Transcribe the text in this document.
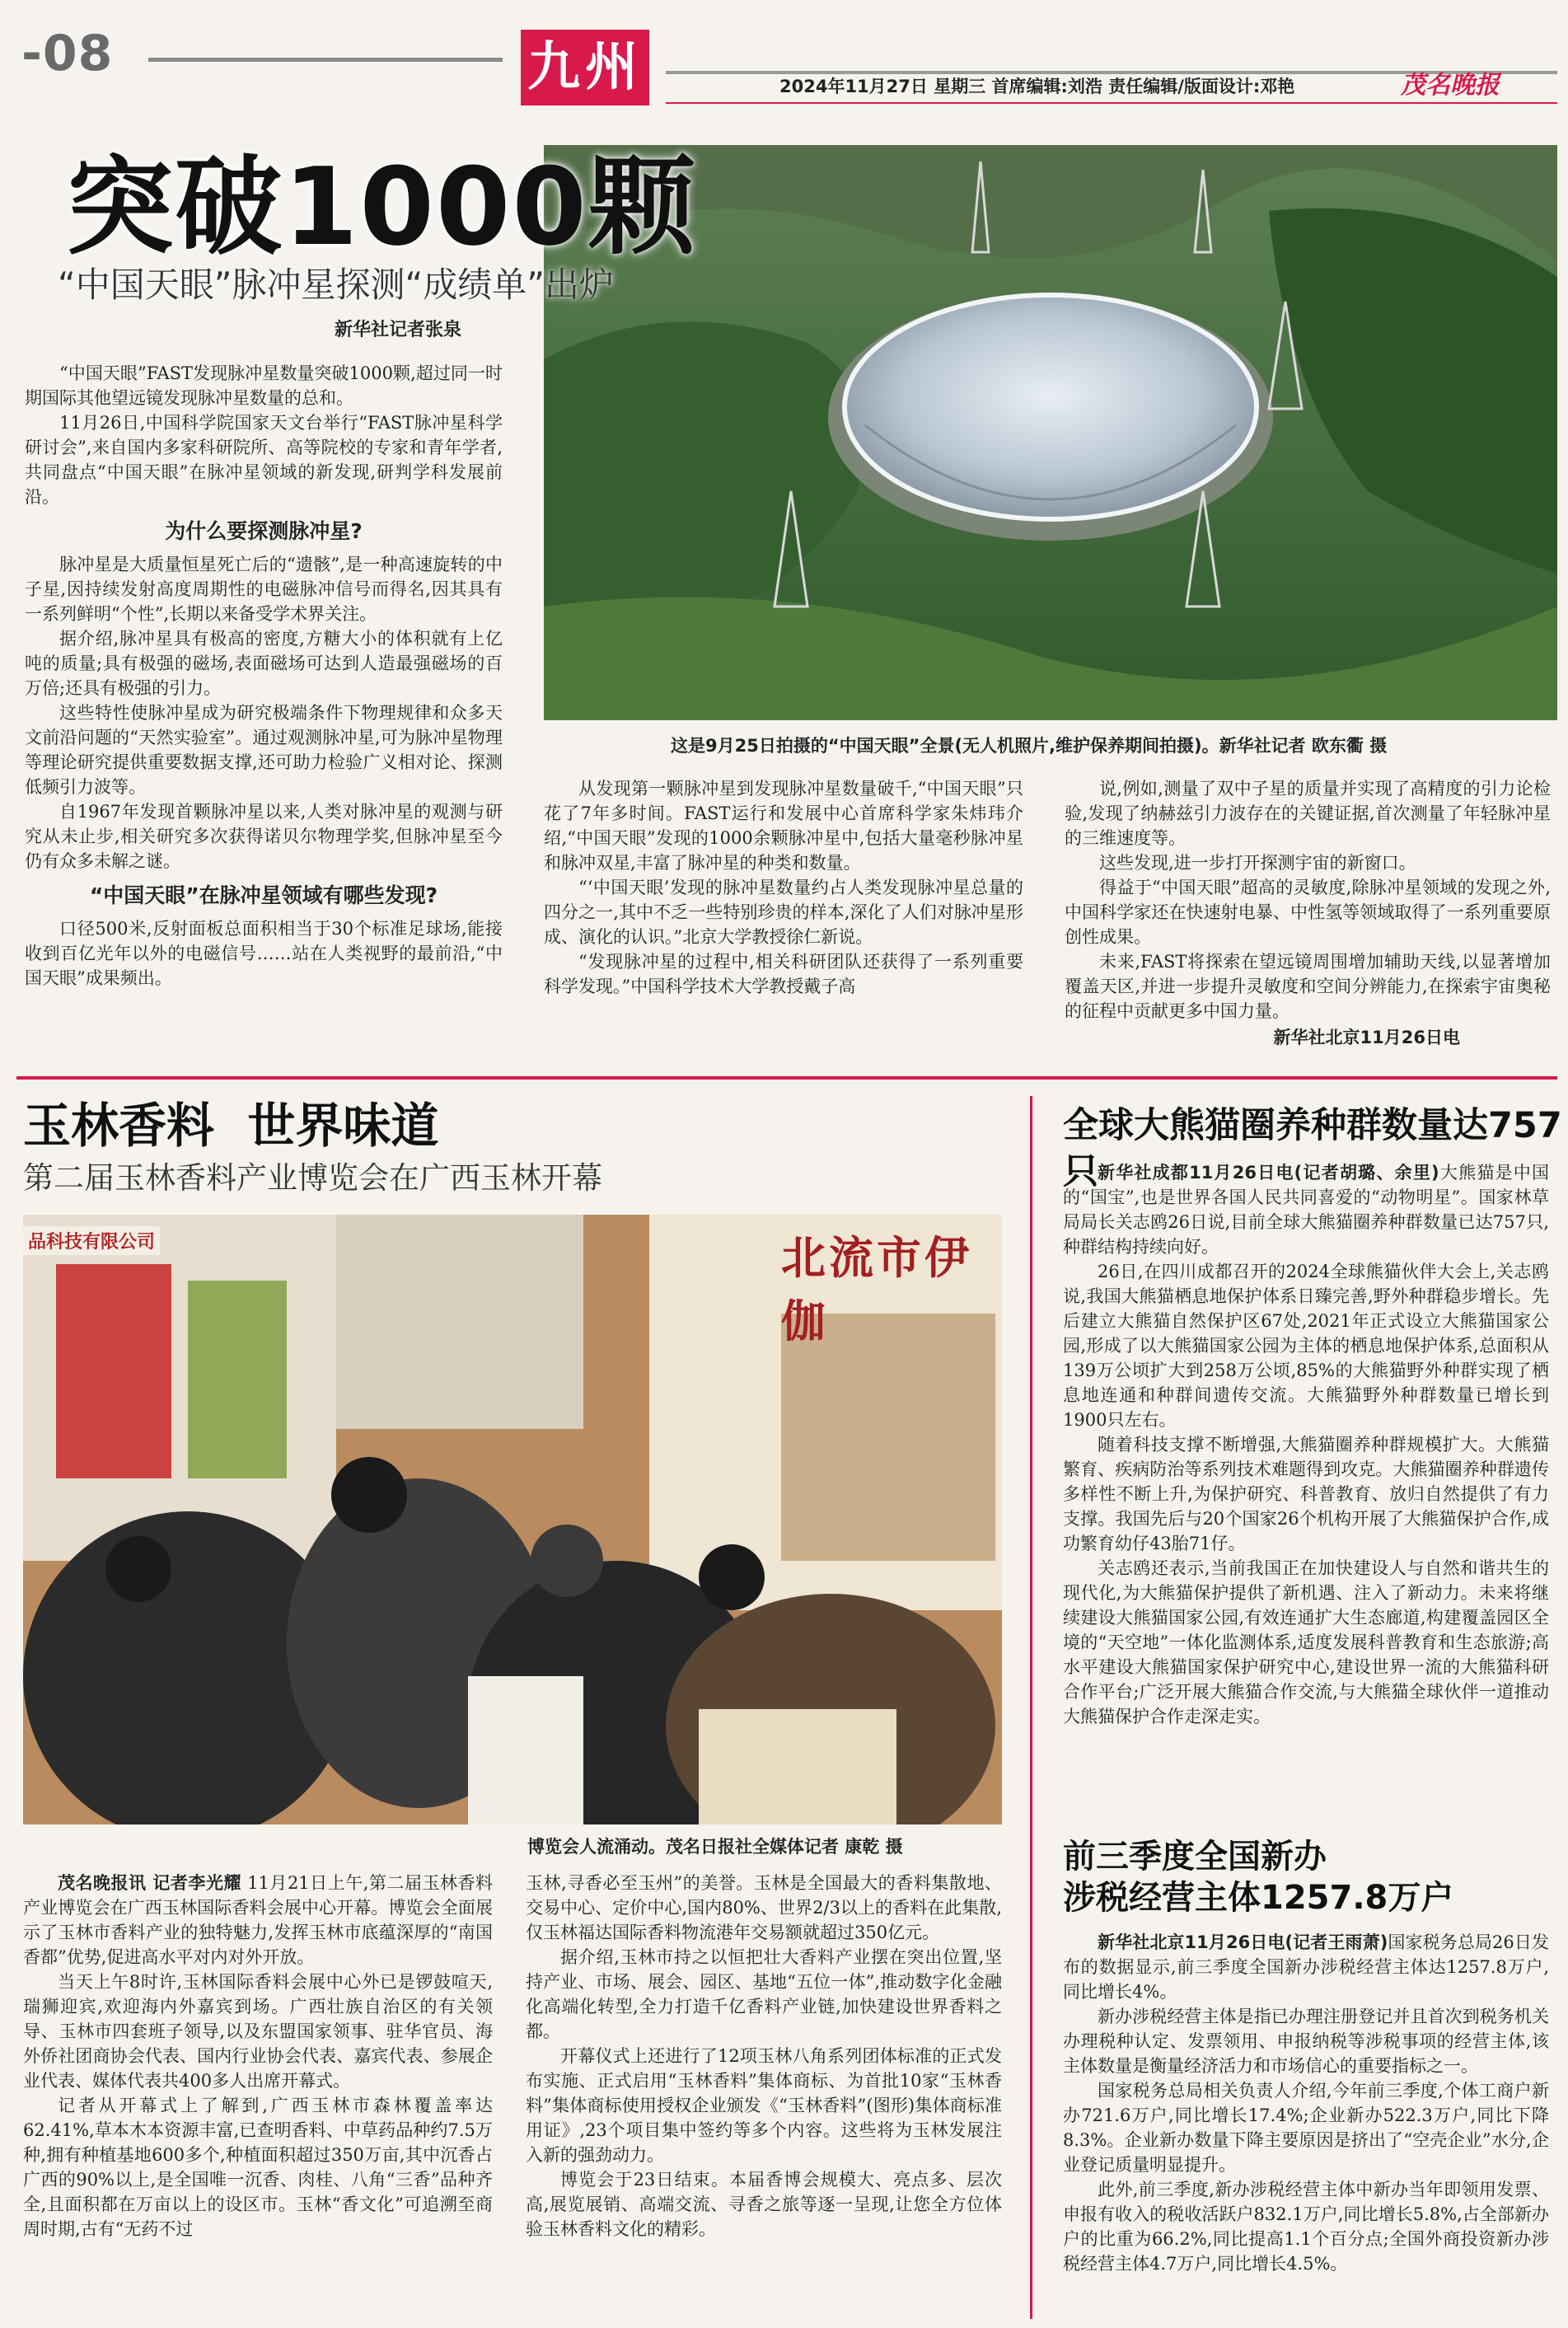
-08	九州	2024年11月27日 星期三 首席编辑:刘浩 责任编辑/版面设计:邓艳	茂名晚报
突破1000颗
“中国天眼”脉冲星探测“成绩单”出炉
新华社记者张泉
这是9月25日拍摄的“中国天眼”全景(无人机照片,维护保养期间拍摄)。新华社记者 欧东衢 摄

“中国天眼”FAST发现脉冲星数量突破1000颗,超过同一时期国际其他望远镜发现脉冲星数量的总和。

11月26日,中国科学院国家天文台举行“FAST脉冲星科学研讨会”,来自国内多家科研院所、高等院校的专家和青年学者,共同盘点“中国天眼”在脉冲星领域的新发现,研判学科发展前沿。

为什么要探测脉冲星?

脉冲星是大质量恒星死亡后的“遗骸”,是一种高速旋转的中子星,因持续发射高度周期性的电磁脉冲信号而得名,因其具有一系列鲜明“个性”,长期以来备受学术界关注。

据介绍,脉冲星具有极高的密度,方糖大小的体积就有上亿吨的质量;具有极强的磁场,表面磁场可达到人造最强磁场的百万倍;还具有极强的引力。

这些特性使脉冲星成为研究极端条件下物理规律和众多天文前沿问题的“天然实验室”。通过观测脉冲星,可为脉冲星物理等理论研究提供重要数据支撑,还可助力检验广义相对论、探测低频引力波等。

自1967年发现首颗脉冲星以来,人类对脉冲星的观测与研究从未止步,相关研究多次获得诺贝尔物理学奖,但脉冲星至今仍有众多未解之谜。

“中国天眼”在脉冲星领域有哪些发现?

口径500米,反射面板总面积相当于30个标准足球场,能接收到百亿光年以外的电磁信号……站在人类视野的最前沿,“中国天眼”成果频出。

从发现第一颗脉冲星到发现脉冲星数量破千,“中国天眼”只花了7年多时间。FAST运行和发展中心首席科学家朱炜玮介绍,“中国天眼”发现的1000余颗脉冲星中,包括大量毫秒脉冲星和脉冲双星,丰富了脉冲星的种类和数量。

“‘中国天眼’发现的脉冲星数量约占人类发现脉冲星总量的四分之一,其中不乏一些特别珍贵的样本,深化了人们对脉冲星形成、演化的认识。”北京大学教授徐仁新说。

“发现脉冲星的过程中,相关科研团队还获得了一系列重要科学发现。”中国科学技术大学教授戴子高

说,例如,测量了双中子星的质量并实现了高精度的引力论检验,发现了纳赫兹引力波存在的关键证据,首次测量了年轻脉冲星的三维速度等。

这些发现,进一步打开探测宇宙的新窗口。

得益于“中国天眼”超高的灵敏度,除脉冲星领域的发现之外,中国科学家还在快速射电暴、中性氢等领域取得了一系列重要原创性成果。

未来,FAST将探索在望远镜周围增加辅助天线,以显著增加覆盖天区,并进一步提升灵敏度和空间分辨能力,在探索宇宙奥秘的征程中贡献更多中国力量。

新华社北京11月26日电
玉林香料  世界味道
第二届玉林香料产业博览会在广西玉林开幕
品科技有限公司	北流市伊伽
博览会人流涌动。茂名日报社全媒体记者 康乾 摄

茂名晚报讯 记者李光耀 11月21日上午,第二届玉林香料产业博览会在广西玉林国际香料会展中心开幕。博览会全面展示了玉林市香料产业的独特魅力,发挥玉林市底蕴深厚的“南国香都”优势,促进高水平对内对外开放。

当天上午8时许,玉林国际香料会展中心外已是锣鼓喧天,瑞狮迎宾,欢迎海内外嘉宾到场。广西壮族自治区的有关领导、玉林市四套班子领导,以及东盟国家领事、驻华官员、海外侨社团商协会代表、国内行业协会代表、嘉宾代表、参展企业代表、媒体代表共400多人出席开幕式。

记者从开幕式上了解到,广西玉林市森林覆盖率达62.41%,草本木本资源丰富,已查明香料、中草药品种约7.5万种,拥有种植基地600多个,种植面积超过350万亩,其中沉香占广西的90%以上,是全国唯一沉香、肉桂、八角“三香”品种齐全,且面积都在万亩以上的设区市。玉林“香文化”可追溯至商周时期,古有“无药不过

玉林,寻香必至玉州”的美誉。玉林是全国最大的香料集散地、交易中心、定价中心,国内80%、世界2/3以上的香料在此集散,仅玉林福达国际香料物流港年交易额就超过350亿元。

据介绍,玉林市持之以恒把壮大香料产业摆在突出位置,坚持产业、市场、展会、园区、基地“五位一体”,推动数字化金融化高端化转型,全力打造千亿香料产业链,加快建设世界香料之都。

开幕仪式上还进行了12项玉林八角系列团体标准的正式发布实施、正式启用“玉林香料”集体商标、为首批10家“玉林香料”集体商标使用授权企业颁发《“玉林香料”(图形)集体商标准用证》,23个项目集中签约等多个内容。这些将为玉林发展注入新的强劲动力。

博览会于23日结束。本届香博会规模大、亮点多、层次高,展览展销、高端交流、寻香之旅等逐一呈现,让您全方位体验玉林香料文化的精彩。

全球大熊猫圈养种群数量达757只 新华社成都11月26日电(记者胡璐、余里)大熊猫是中国的“国宝”,也是世界各国人民共同喜爱的“动物明星”。国家林草局局长关志鸥26日说,目前全球大熊猫圈养种群数量已达757只,种群结构持续向好。

26日,在四川成都召开的2024全球熊猫伙伴大会上,关志鸥说,我国大熊猫栖息地保护体系日臻完善,野外种群稳步增长。先后建立大熊猫自然保护区67处,2021年正式设立大熊猫国家公园,形成了以大熊猫国家公园为主体的栖息地保护体系,总面积从139万公顷扩大到258万公顷,85%的大熊猫野外种群实现了栖息地连通和种群间遗传交流。大熊猫野外种群数量已增长到1900只左右。

随着科技支撑不断增强,大熊猫圈养种群规模扩大。大熊猫繁育、疾病防治等系列技术难题得到攻克。大熊猫圈养种群遗传多样性不断上升,为保护研究、科普教育、放归自然提供了有力支撑。我国先后与20个国家26个机构开展了大熊猫保护合作,成功繁育幼仔43胎71仔。

关志鸥还表示,当前我国正在加快建设人与自然和谐共生的现代化,为大熊猫保护提供了新机遇、注入了新动力。未来将继续建设大熊猫国家公园,有效连通扩大生态廊道,构建覆盖园区全境的“天空地”一体化监测体系,适度发展科普教育和生态旅游;高水平建设大熊猫国家保护研究中心,建设世界一流的大熊猫科研合作平台;广泛开展大熊猫合作交流,与大熊猫全球伙伴一道推动大熊猫保护合作走深走实。

前三季度全国新办
涉税经营主体1257.8万户

新华社北京11月26日电(记者王雨萧)国家税务总局26日发布的数据显示,前三季度全国新办涉税经营主体达1257.8万户,同比增长4%。

新办涉税经营主体是指已办理注册登记并且首次到税务机关办理税种认定、发票领用、申报纳税等涉税事项的经营主体,该主体数量是衡量经济活力和市场信心的重要指标之一。

国家税务总局相关负责人介绍,今年前三季度,个体工商户新办721.6万户,同比增长17.4%;企业新办522.3万户,同比下降8.3%。企业新办数量下降主要原因是挤出了“空壳企业”水分,企业登记质量明显提升。

此外,前三季度,新办涉税经营主体中新办当年即领用发票、申报有收入的税收活跃户832.1万户,同比增长5.8%,占全部新办户的比重为66.2%,同比提高1.1个百分点;全国外商投资新办涉税经营主体4.7万户,同比增长4.5%。
